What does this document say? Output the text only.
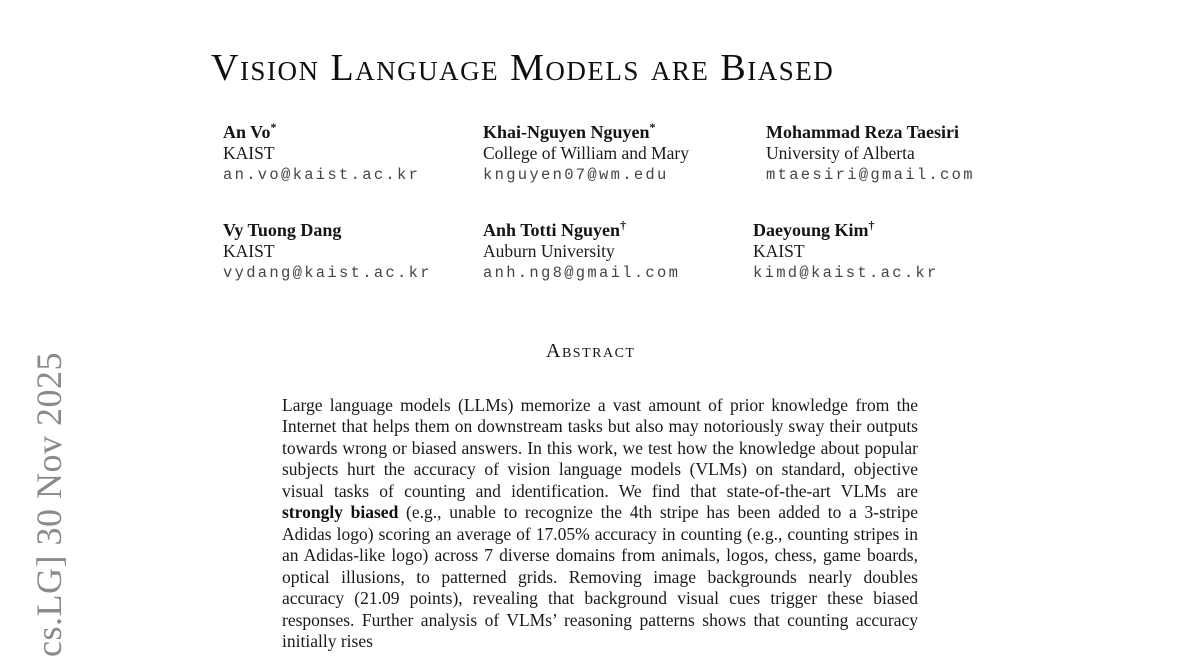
cs.LG] 30 Nov 2025
Vision Language Models are Biased
An Vo*
KAIST
an.vo@kaist.ac.kr
Khai-Nguyen Nguyen*
College of William and Mary
knguyen07@wm.edu
Mohammad Reza Taesiri
University of Alberta
mtaesiri@gmail.com
Vy Tuong Dang
KAIST
vydang@kaist.ac.kr
Anh Totti Nguyen†
Auburn University
anh.ng8@gmail.com
Daeyoung Kim†
KAIST
kimd@kaist.ac.kr
Abstract

Large language models (LLMs) memorize a vast amount of prior knowledge from the Internet that helps them on downstream tasks but also may notoriously sway their outputs towards wrong or biased answers. In this work, we test how the knowledge about popular subjects hurt the accuracy of vision language models (VLMs) on standard, objective visual tasks of counting and identification. We find that state-of-the-art VLMs are strongly biased (e.g., unable to recognize the 4th stripe has been added to a 3-stripe Adidas logo) scoring an average of 17.05% accuracy in counting (e.g., counting stripes in an Adidas-like logo) across 7 diverse domains from animals, logos, chess, game boards, optical illusions, to patterned grids. Removing image backgrounds nearly doubles accuracy (21.09 points), revealing that background visual cues trigger these biased responses. Further analysis of VLMs’ reasoning patterns shows that counting accuracy initially rises
